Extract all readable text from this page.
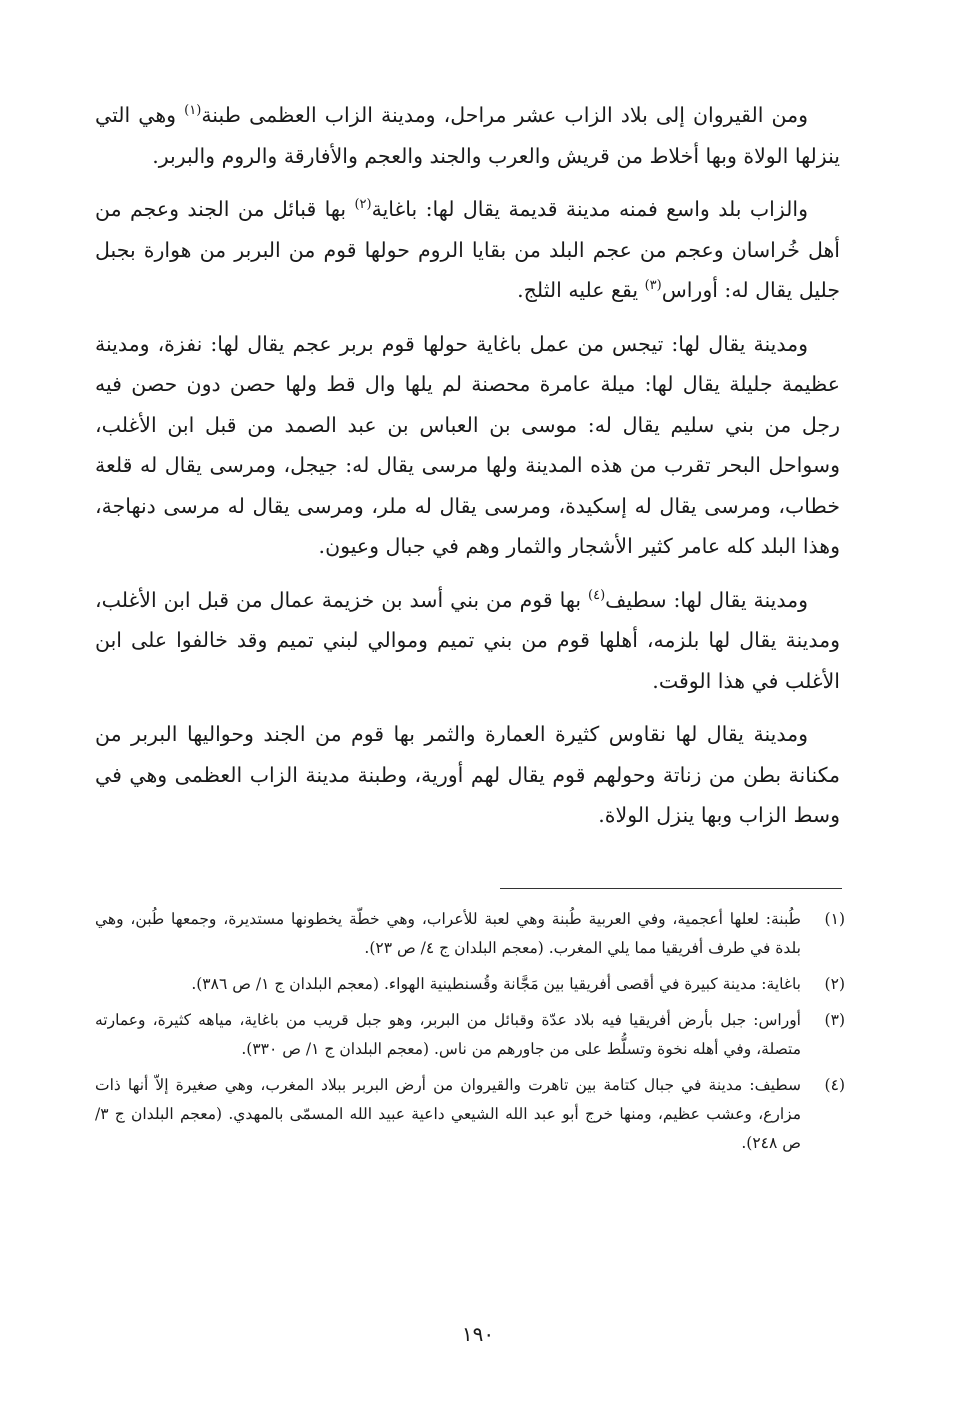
ومن القيروان إلى بلاد الزاب عشر مراحل، ومدينة الزاب العظمى طبنة$^{(١)}$ وهي التي ينزلها الولاة وبها أخلاط من قريش والعرب والجند والعجم والأفارقة والروم والبربر.

والزاب بلد واسع فمنه مدينة قديمة يقال لها: باغاية$^{(٢)}$ بها قبائل من الجند وعجم من أهل خُراسان وعجم من عجم البلد من بقايا الروم حولها قوم من البربر من هوارة بجبل جليل يقال له: أوراس$^{(٣)}$ يقع عليه الثلج.

ومدينة يقال لها: تيجس من عمل باغاية حولها قوم بربر عجم يقال لها: نفزة، ومدينة عظيمة جليلة يقال لها: ميلة عامرة محصنة لم يلها وال قط ولها حصن دون حصن فيه رجل من بني سليم يقال له: موسى بن العباس بن عبد الصمد من قبل ابن الأغلب، وسواحل البحر تقرب من هذه المدينة ولها مرسى يقال له: جيجل، ومرسى يقال له قلعة خطاب، ومرسى يقال له إسكيدة، ومرسى يقال له ملر، ومرسى يقال له مرسى دنهاجة، وهذا البلد كله عامر كثير الأشجار والثمار وهم في جبال وعيون.

ومدينة يقال لها: سطيف$^{(٤)}$ بها قوم من بني أسد بن خزيمة عمال من قبل ابن الأغلب، ومدينة يقال لها بلزمه، أهلها قوم من بني تميم وموالي لبني تميم وقد خالفوا على ابن الأغلب في هذا الوقت.

ومدينة يقال لها نقاوس كثيرة العمارة والثمر بها قوم من الجند وحواليها البربر من مكنانة بطن من زناتة وحولهم قوم يقال لهم أورية، وطبنة مدينة الزاب العظمى وهي في وسط الزاب وبها ينزل الولاة.

(١)
طُبنة: لعلها أعجمية، وفي العربية طُبنة وهي لعبة للأعراب، وهي خطّة يخطونها مستديرة، وجمعها طُبن، وهي بلدة في طرف أفريقيا مما يلي المغرب. (معجم البلدان ج ٤/ ص ٢٣).
(٢)
باغاية: مدينة كبيرة في أقصى أفريقيا بين مَجَّانة وقُسنطينية الهواء. (معجم البلدان ج ١/ ص ٣٨٦).
(٣)
أوراس: جبل بأرض أفريقيا فيه بلاد عدّة وقبائل من البربر، وهو جبل قريب من باغاية، مياهه كثيرة، وعمارته متصلة، وفي أهله نخوة وتسلُّط على من جاورهم من ناس. (معجم البلدان ج ١/ ص ٣٣٠).
(٤)
سطيف: مدينة في جبال كتامة بين تاهرت والقيروان من أرض البربر ببلاد المغرب، وهي صغيرة إلاّ أنها ذات مزارع، وعشب عظيم، ومنها خرج أبو عبد الله الشيعي داعية عبيد الله المسمّى بالمهدي. (معجم البلدان ج ٣/ ص ٢٤٨).
١٩٠
